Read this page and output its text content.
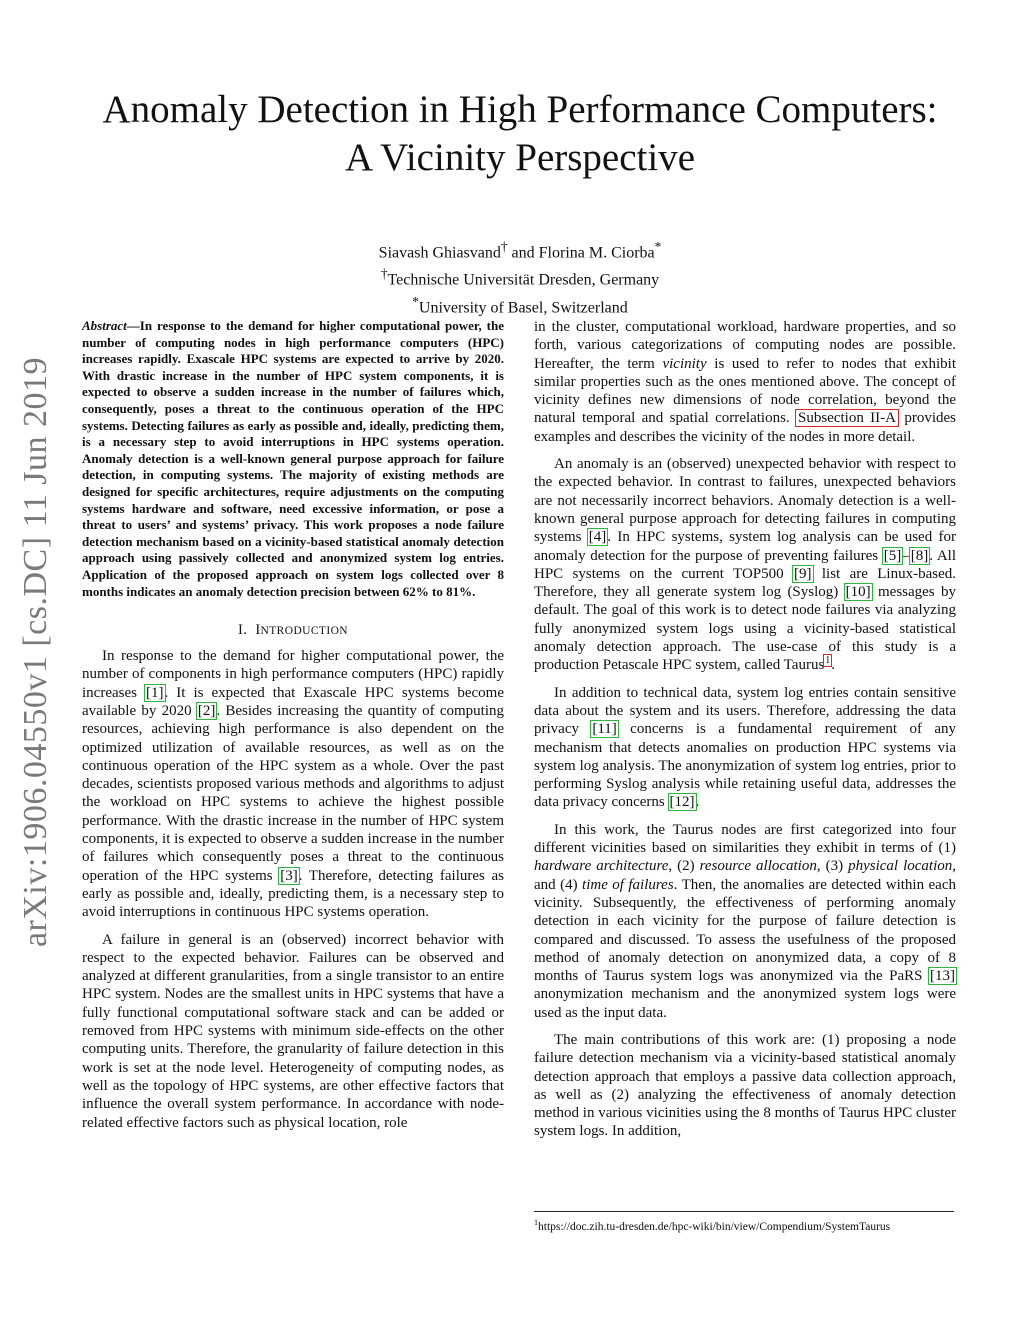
arXiv:1906.04550v1 [cs.DC] 11 Jun 2019
Anomaly Detection in High Performance Computers:
A Vicinity Perspective
Siavash Ghiasvand† and Florina M. Ciorba*
†Technische Universität Dresden, Germany
*University of Basel, Switzerland

Abstract—In response to the demand for higher computational power, the number of computing nodes in high performance computers (HPC) increases rapidly. Exascale HPC systems are expected to arrive by 2020. With drastic increase in the number of HPC system components, it is expected to observe a sudden increase in the number of failures which, consequently, poses a threat to the continuous operation of the HPC systems. Detecting failures as early as possible and, ideally, predicting them, is a necessary step to avoid interruptions in HPC systems operation. Anomaly detection is a well-known general purpose approach for failure detection, in computing systems. The majority of existing methods are designed for specific architectures, require adjustments on the computing systems hardware and software, need excessive information, or pose a threat to users’ and systems’ privacy. This work proposes a node failure detection mechanism based on a vicinity-based statistical anomaly detection approach using passively collected and anonymized system log entries. Application of the proposed approach on system logs collected over 8 months indicates an anomaly detection precision between 62% to 81%.

I. INTRODUCTION

In response to the demand for higher computational power, the number of components in high performance computers (HPC) rapidly increases [1]. It is expected that Exascale HPC systems become available by 2020 [2]. Besides increasing the quantity of computing resources, achieving high performance is also dependent on the optimized utilization of available resources, as well as on the continuous operation of the HPC system as a whole. Over the past decades, scientists proposed various methods and algorithms to adjust the workload on HPC systems to achieve the highest possible performance. With the drastic increase in the number of HPC system components, it is expected to observe a sudden increase in the number of failures which consequently poses a threat to the continuous operation of the HPC systems [3]. Therefore, detecting failures as early as possible and, ideally, predicting them, is a necessary step to avoid interruptions in continuous HPC systems operation.

A failure in general is an (observed) incorrect behavior with respect to the expected behavior. Failures can be observed and analyzed at different granularities, from a single transistor to an entire HPC system. Nodes are the smallest units in HPC systems that have a fully functional computational software stack and can be added or removed from HPC systems with minimum side-effects on the other computing units. Therefore, the granularity of failure detection in this work is set at the node level. Heterogeneity of computing nodes, as well as the topology of HPC systems, are other effective factors that influence the overall system performance. In accordance with node-related effective factors such as physical location, role

in the cluster, computational workload, hardware properties, and so forth, various categorizations of computing nodes are possible. Hereafter, the term vicinity is used to refer to nodes that exhibit similar properties such as the ones mentioned above. The concept of vicinity defines new dimensions of node correlation, beyond the natural temporal and spatial correlations. Subsection II-A provides examples and describes the vicinity of the nodes in more detail.

An anomaly is an (observed) unexpected behavior with respect to the expected behavior. In contrast to failures, unexpected behaviors are not necessarily incorrect behaviors. Anomaly detection is a well-known general purpose approach for detecting failures in computing systems [4]. In HPC systems, system log analysis can be used for anomaly detection for the purpose of preventing failures [5]–[8]. All HPC systems on the current TOP500 [9] list are Linux-based. Therefore, they all generate system log (Syslog) [10] messages by default. The goal of this work is to detect node failures via analyzing fully anonymized system logs using a vicinity-based statistical anomaly detection approach. The use-case of this study is a production Petascale HPC system, called Taurus$^1$.

In addition to technical data, system log entries contain sensitive data about the system and its users. Therefore, addressing the data privacy [11] concerns is a fundamental requirement of any mechanism that detects anomalies on production HPC systems via system log analysis. The anonymization of system log entries, prior to performing Syslog analysis while retaining useful data, addresses the data privacy concerns [12].

In this work, the Taurus nodes are first categorized into four different vicinities based on similarities they exhibit in terms of (1) hardware architecture, (2) resource allocation, (3) physical location, and (4) time of failures. Then, the anomalies are detected within each vicinity. Subsequently, the effectiveness of performing anomaly detection in each vicinity for the purpose of failure detection is compared and discussed. To assess the usefulness of the proposed method of anomaly detection on anonymized data, a copy of 8 months of Taurus system logs was anonymized via the PaRS [13] anonymization mechanism and the anonymized system logs were used as the input data.

The main contributions of this work are: (1) proposing a node failure detection mechanism via a vicinity-based statistical anomaly detection approach that employs a passive data collection approach, as well as (2) analyzing the effectiveness of anomaly detection method in various vicinities using the 8 months of Taurus HPC cluster system logs. In addition,

$^1$https://doc.zih.tu-dresden.de/hpc-wiki/bin/view/Compendium/SystemTaurus
